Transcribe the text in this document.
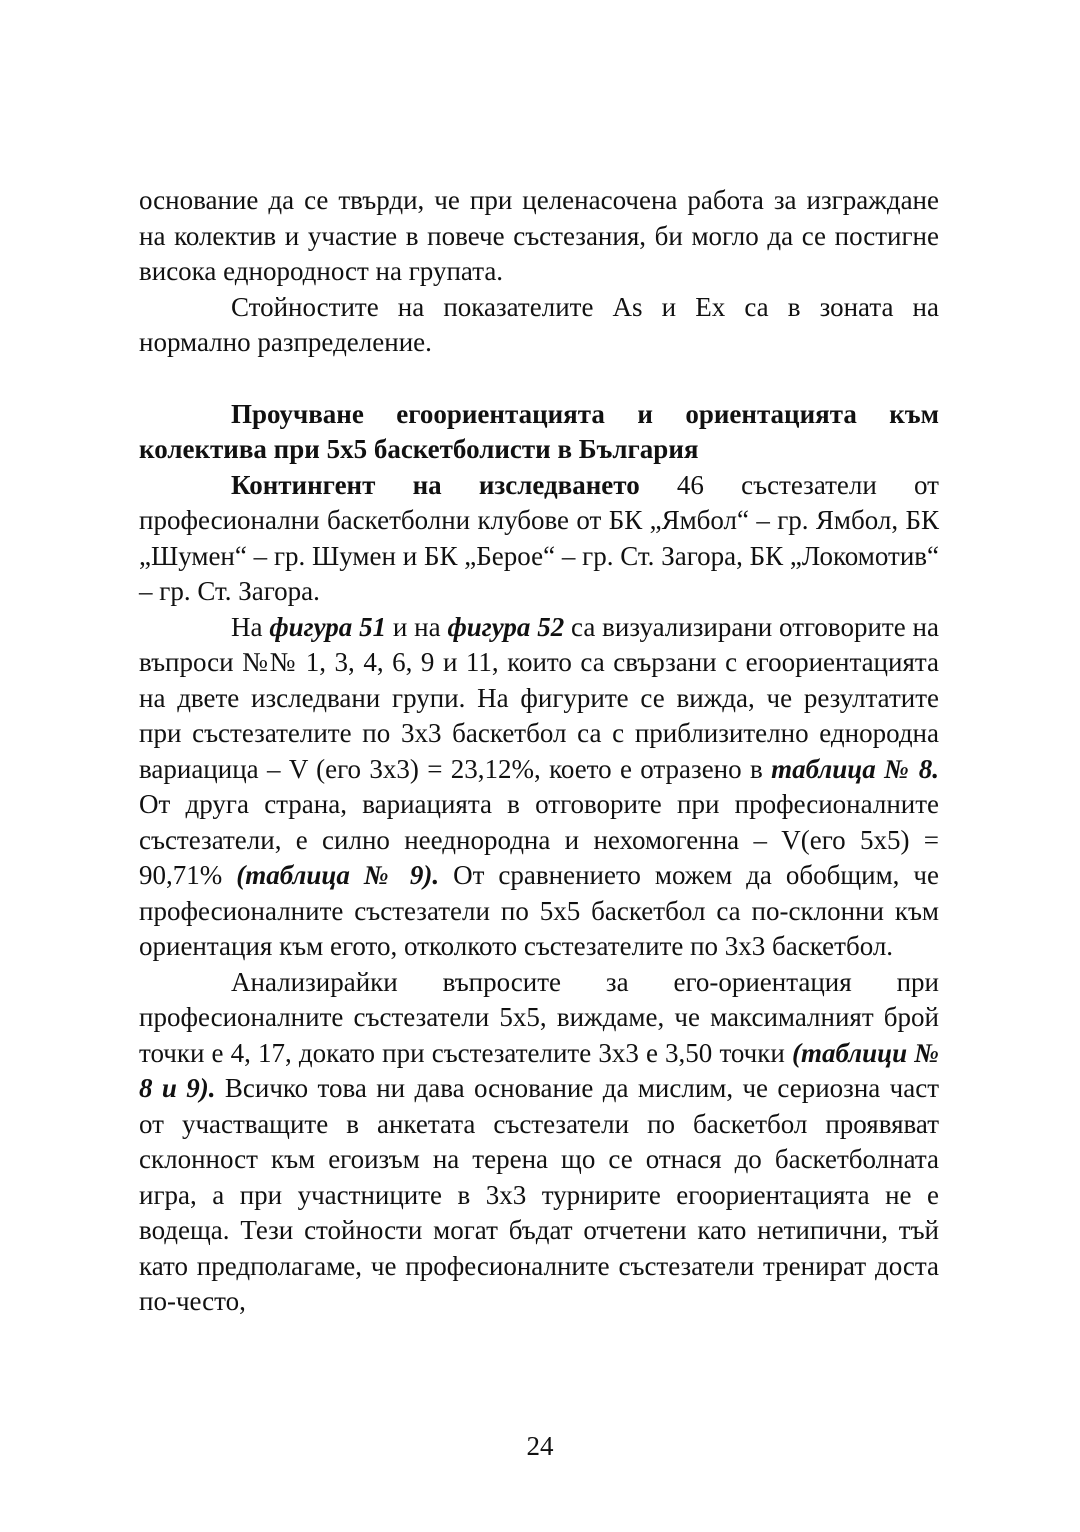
основание да се твърди, че при целенасочена работа за изграждане на колектив и участие в повече състезания, би могло да се постигне висока еднородност на групата.

Стойностите на показателите As и Ex са в зоната на нормално разпределение.

Проучване егоориентацията и ориентацията към колектива при 5х5 баскетболисти в България

Контингент на изследването 46 състезатели от професионални баскетболни клубове от БК „Ямбол“ – гр. Ямбол, БК „Шумен“ – гр. Шумен и БК „Берое“ – гр. Ст. Загора, БК „Локомотив“ – гр. Ст. Загора.

На фигура 51 и на фигура 52 са визуализирани отговорите на въпроси №№ 1, 3, 4, 6, 9 и 11, които са свързани с егоориентацията на двете изследвани групи. На фигурите се вижда, че резултатите при състезателите по 3х3 баскетбол са с приблизително еднородна вариацица – V (его 3х3) = 23,12%, което е отразено в таблица № 8. От друга страна, вариацията в отговорите при професионалните състезатели, е силно нееднородна и нехомогенна – V(его 5х5) = 90,71% (таблица № 9). От сравнението можем да обобщим, че професионалните състезатели по 5х5 баскетбол са по-склонни към ориентация към егото, отколкото състезателите по 3х3 баскетбол.

Анализирайки въпросите за его-ориентация при професионалните състезатели 5х5, виждаме, че максималният брой точки е 4, 17, докато при състезателите 3х3 е 3,50 точки (таблици № 8 и 9). Всичко това ни дава основание да мислим, че сериозна част от участващите в анкетата състезатели по баскетбол проявяват склонност към егоизъм на терена що се отнася до баскетболната игра, а при участниците в 3х3 турнирите егоориентацията не е водеща. Тези стойности могат бъдат отчетени като нетипични, тъй като предполагаме, че професионалните състезатели тренират доста по-често,

24
